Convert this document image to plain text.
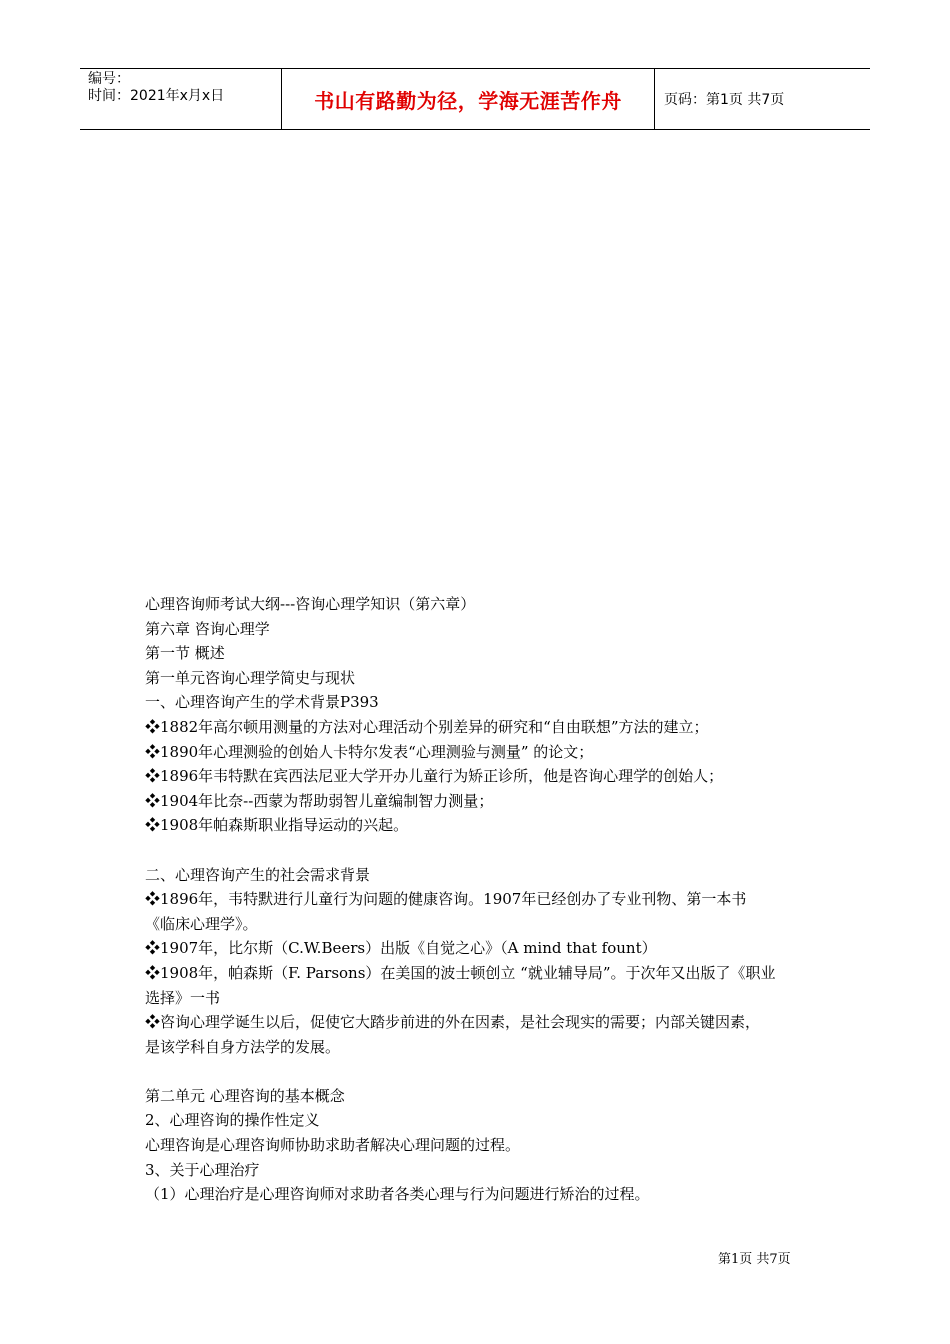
编号：
时间：2021年x月x日	书山有路勤为径，学海无涯苦作舟	页码：第1页 共7页
心理咨询师考试大纲---咨询心理学知识（第六章）
第六章 咨询心理学
第一节 概述
第一单元咨询心理学简史与现状
一、心理咨询产生的学术背景P393
❖1882年高尔顿用测量的方法对心理活动个别差异的研究和“自由联想”方法的建立；
❖1890年心理测验的创始人卡特尔发表“心理测验与测量” 的论文；
❖1896年韦特默在宾西法尼亚大学开办儿童行为矫正诊所，他是咨询心理学的创始人；
❖1904年比奈--西蒙为帮助弱智儿童编制智力测量；
❖1908年帕森斯职业指导运动的兴起。
二、心理咨询产生的社会需求背景
❖1896年，韦特默进行儿童行为问题的健康咨询。1907年已经创办了专业刊物、第一本书
《临床心理学》。
❖1907年，比尔斯（C.W.Beers）出版《自觉之心》（A mind that fount）
❖1908年，帕森斯（F. Parsons）在美国的波士顿创立 “就业辅导局”。于次年又出版了《职业
选择》一书
❖咨询心理学诞生以后，促使它大踏步前进的外在因素，是社会现实的需要；内部关键因素，
是该学科自身方法学的发展。
第二单元 心理咨询的基本概念
2、心理咨询的操作性定义
心理咨询是心理咨询师协助求助者解决心理问题的过程。
3、关于心理治疗
（1）心理治疗是心理咨询师对求助者各类心理与行为问题进行矫治的过程。
第1页 共7页
